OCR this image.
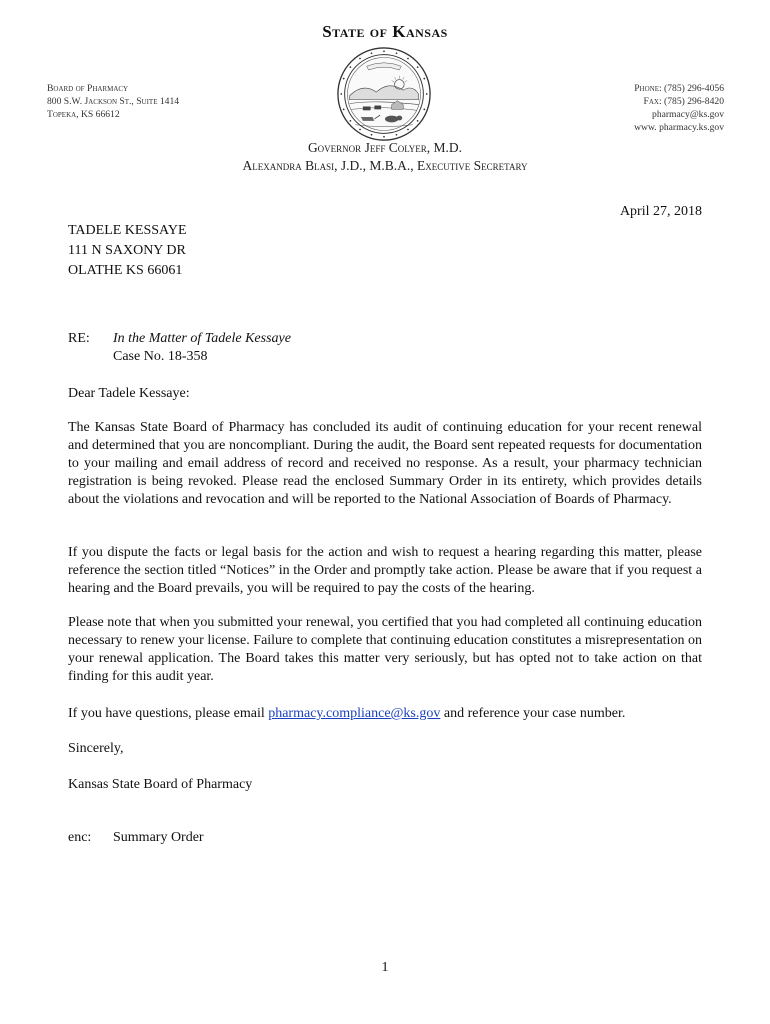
State of Kansas
Board of Pharmacy
800 S.W. Jackson St., Suite 1414
Topeka, KS 66612
Phone: (785) 296-4056
Fax: (785) 296-8420
pharmacy@ks.gov
www. pharmacy.ks.gov
Governor Jeff Colyer, M.D.
Alexandra Blasi, J.D., M.B.A., Executive Secretary
April 27, 2018
TADELE KESSAYE
111 N SAXONY DR
OLATHE KS 66061
RE: In the Matter of Tadele Kessaye
Case No. 18-358
Dear Tadele Kessaye:
The Kansas State Board of Pharmacy has concluded its audit of continuing education for your recent renewal and determined that you are noncompliant. During the audit, the Board sent repeated requests for documentation to your mailing and email address of record and received no response. As a result, your pharmacy technician registration is being revoked. Please read the enclosed Summary Order in its entirety, which provides details about the violations and revocation and will be reported to the National Association of Boards of Pharmacy.
If you dispute the facts or legal basis for the action and wish to request a hearing regarding this matter, please reference the section titled “Notices” in the Order and promptly take action. Please be aware that if you request a hearing and the Board prevails, you will be required to pay the costs of the hearing.
Please note that when you submitted your renewal, you certified that you had completed all continuing education necessary to renew your license. Failure to complete that continuing education constitutes a misrepresentation on your renewal application. The Board takes this matter very seriously, but has opted not to take action on that finding for this audit year.
If you have questions, please email pharmacy.compliance@ks.gov and reference your case number.
Sincerely,
Kansas State Board of Pharmacy
enc: Summary Order
1
